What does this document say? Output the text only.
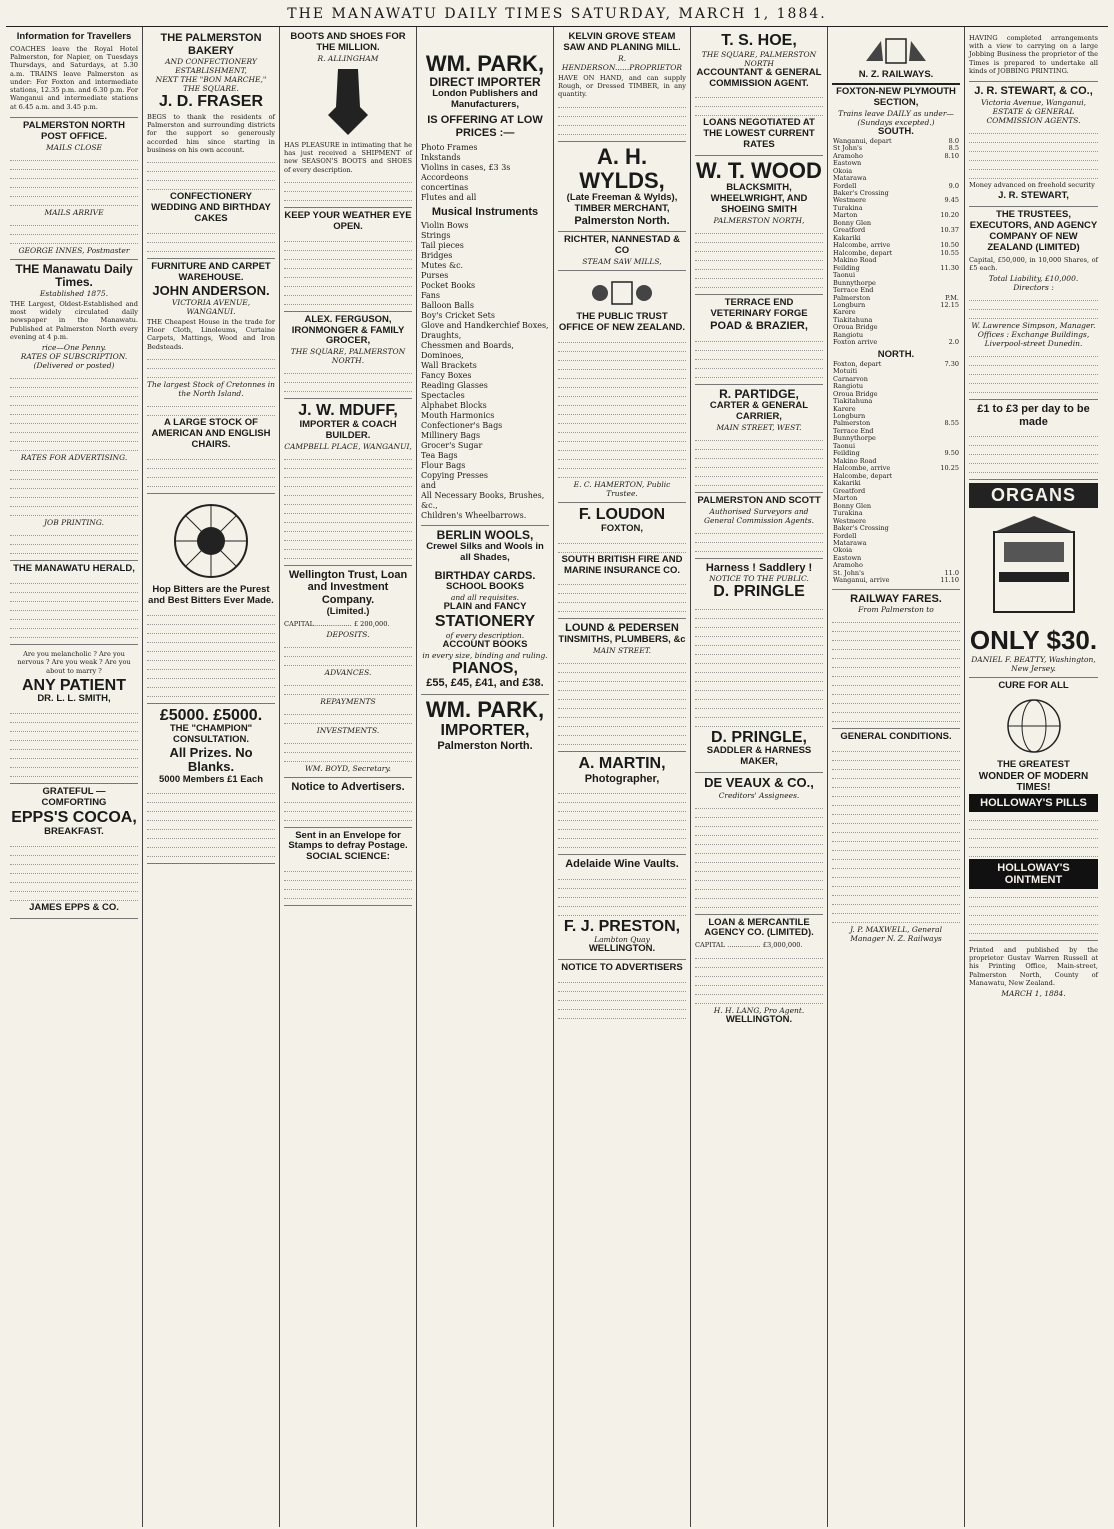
THE MANAWATU DAILY TIMES SATURDAY, MARCH 1, 1884.
Information for Travellers
COACHES leave the Royal Hotel Palmerston, for Napier, on Tuesdays Thursdays, and Saturdays, at 5.30 a.m. TRAINS leave Palmerston as under: For Foxton and intermediate stations, 12.35 p.m. and 6.30 p.m. For Wanganui and intermediate stations at 6.45 a.m. and 3.45 p.m.
PALMERSTON NORTH POST OFFICE.
MAILS CLOSE
MAILS ARRIVE
GEORGE INNES, Postmaster
THE Manawatu Daily Times.
Established 1875.
THE Largest, Oldest-Established and most widely circulated daily newspaper in the Manawatu. Published at Palmerston North every evening at 4 p.m.
rice—One Penny.
RATES OF SUBSCRIPTION. (Delivered or posted)
RATES FOR ADVERTISING.
JOB PRINTING.
THE MANAWATU HERALD,
Are you melancholic ? Are you nervous ? Are you weak ? Are you about to marry ?
ANY PATIENT
DR. L. L. SMITH,
GRATEFUL — COMFORTING
EPPS'S COCOA,
BREAKFAST.
JAMES EPPS & CO.
THE PALMERSTON BAKERY
AND CONFECTIONERY ESTABLISHMENT,
NEXT THE "BON MARCHE," THE SQUARE.
J. D. FRASER
BEGS to thank the residents of Palmerston and surrounding districts for the support so generously accorded him since starting in business on his own account.
CONFECTIONERY
WEDDING AND BIRTHDAY CAKES
FURNITURE AND CARPET WAREHOUSE.
JOHN ANDERSON.
VICTORIA AVENUE, WANGANUI.
THE Cheapest House in the trade for Floor Cloth, Linoleums, Curtaine Carpets, Mattings, Wood and Iron Bedsteads.
The largest Stock of Cretonnes in the North Island.
A LARGE STOCK OF AMERICAN AND ENGLISH CHAIRS.
Hop Bitters are the Purest and Best Bitters Ever Made.
£5000. £5000.
THE "CHAMPION" CONSULTATION.
All Prizes. No Blanks.
5000 Members £1 Each
BOOTS AND SHOES FOR THE MILLION.
R. ALLINGHAM
HAS PLEASURE in intimating that he has just received a SHIPMENT of new SEASON'S BOOTS and SHOES of every description.
KEEP YOUR WEATHER EYE OPEN.
ALEX. FERGUSON,
IRONMONGER & FAMILY GROCER,
THE SQUARE, PALMERSTON NORTH.
J. W. MDUFF,
IMPORTER & COACH BUILDER.
CAMPBELL PLACE, WANGANUI,
Wellington Trust, Loan and Investment Company.
(Limited.)
CAPITAL.................. £ 200,000.
DEPOSITS.
ADVANCES.
REPAYMENTS
INVESTMENTS.
WM. BOYD, Secretary.
Notice to Advertisers.
Sent in an Envelope for Stamps to defray Postage.
SOCIAL SCIENCE:
WM. PARK,
DIRECT IMPORTER
London Publishers and Manufacturers,
IS OFFERING AT LOW PRICES :—
Photo Frames
Inkstands
Violins in cases, £3 3s
Accordeons
concertinas
Flutes and all
Musical Instruments
Violin Bows
Strings
Tail pieces
Bridges
Mutes &c.
Purses
Pocket Books
Fans
Balloon Balls
Boy's Cricket Sets
Glove and Handkerchief Boxes,
Draughts,
Chessmen and Boards,
Dominoes,
Wall Brackets
Fancy Boxes
Reading Glasses
Spectacles
Alphabet Blocks
Mouth Harmonics
Confectioner's Bags
Millinery Bags
Grocer's Sugar
Tea Bags
Flour Bags
Copying Presses
and
All Necessary Books, Brushes, &c.,
Children's Wheelbarrows.
BERLIN WOOLS,
Crewel Silks and Wools in all Shades,
BIRTHDAY CARDS.
SCHOOL BOOKS
and all requisites.
PLAIN and FANCY
STATIONERY
of every description.
ACCOUNT BOOKS
in every size, binding and ruling.
PIANOS,
£55, £45, £41, and £38.
WM. PARK,
IMPORTER,
Palmerston North.
KELVIN GROVE STEAM SAW AND PLANING MILL.
R. HENDERSON......PROPRIETOR
HAVE ON HAND, and can supply Rough, or Dressed TIMBER, in any quantity.
A. H. WYLDS,
(Late Freeman & Wylds),
TIMBER MERCHANT,
Palmerston North.
RICHTER, NANNESTAD & CO
STEAM SAW MILLS,
THE PUBLIC TRUST OFFICE OF NEW ZEALAND.
E. C. HAMERTON, Public Trustee.
F. LOUDON
FOXTON,
SOUTH BRITISH FIRE AND MARINE INSURANCE CO.
LOUND & PEDERSEN
TINSMITHS, PLUMBERS, &c
MAIN STREET.
A. MARTIN,
Photographer,
Adelaide Wine Vaults.
F. J. PRESTON,
Lambton Quay
WELLINGTON.
NOTICE TO ADVERTISERS
T. S. HOE,
THE SQUARE, PALMERSTON NORTH
ACCOUNTANT & GENERAL COMMISSION AGENT.
LOANS NEGOTIATED AT THE LOWEST CURRENT RATES
W. T. WOOD
BLACKSMITH, WHEELWRIGHT, AND SHOEING SMITH
PALMERSTON NORTH,
TERRACE END VETERINARY FORGE
POAD & BRAZIER,
R. PARTIDGE,
CARTER & GENERAL CARRIER,
MAIN STREET, WEST.
PALMERSTON AND SCOTT
Authorised Surveyors and General Commission Agents.
Harness ! Saddlery !
NOTICE TO THE PUBLIC.
D. PRINGLE
D. PRINGLE,
SADDLER & HARNESS MAKER,
DE VEAUX & CO.,
Creditors' Assignees.
LOAN & MERCANTILE AGENCY CO. (LIMITED).
CAPITAL ................ £3,000,000.
H. H. LANG, Pro Agent.
WELLINGTON.
N. Z. RAILWAYS.
FOXTON-NEW PLYMOUTH SECTION,
Trains leave DAILY as under— (Sundays excepted.)
SOUTH.
Wanganui, depart	8.0
St John's	8.5
Aramoho	8.10
Eastown	
Okoia	
Matarawa	
Fordell	9.0
Baker's Crossing	
Westmere	9.45
Turakina	
Marton	10.20
Bonny Glen	
Greatford	10.37
Kakariki	
Halcombe, arrive	10.50
Halcombe, depart	10.55
Makino Road	
Feilding	11.30
Taonui	
Bunnythorpe	
Terrace End	
Palmerston	P.M.
Longburn	12.15
Karere	
Tiakitahuna	
Oroua Bridge	
Rangiotu	
Foxton arrive	2.0
NORTH.
Foxton, depart	7.30
Motuiti	
Carnarvon	
Rangiotu	
Oroua Bridge	
Tiakitahuna	
Karere	
Longburn	
Palmerston	8.55
Terrace End	
Bunnythorpe	
Taonui	
Feilding	9.50
Makino Road	
Halcombe, arrive	10.25
Halcombe, depart	
Kakariki	
Greatford	
Marton	
Bonny Glen	
Turakina	
Westmere	
Baker's Crossing	
Fordell	
Matarawa	
Okoia	
Eastown	
Aramoho	
St. John's	11.0
Wanganui, arrive	11.10
RAILWAY FARES.
From Palmerston to
GENERAL CONDITIONS.
J. P. MAXWELL, General Manager N. Z. Railways
HAVING completed arrangements with a view to carrying on a large Jobbing Business the proprietor of the Times is prepared to undertake all kinds of JOBBING PRINTING.
J. R. STEWART, & CO.,
Victoria Avenue, Wanganui,
ESTATE & GENERAL COMMISSION AGENTS.
Money advanced on freehold security
J. R. STEWART,
THE TRUSTEES, EXECUTORS, AND AGENCY COMPANY OF NEW ZEALAND (LIMITED)
Capital, £50,000, in 10,000 Shares, of £5 each.
Total Liability, £10,000.
Directors :
W. Lawrence Simpson, Manager.
Offices : Exchange Buildings, Liverpool-street Dunedin.
£1 to £3 per day to be made
ORGANS
ONLY $30.
DANIEL F. BEATTY, Washington, New Jersey.
CURE FOR ALL
THE GREATEST
WONDER OF MODERN TIMES!
HOLLOWAY'S PILLS
HOLLOWAY'S OINTMENT
Printed and published by the proprietor Gustav Warren Russell at his Printing Office, Main-street, Palmerston North, County of Manawatu, New Zealand.
MARCH 1, 1884.
